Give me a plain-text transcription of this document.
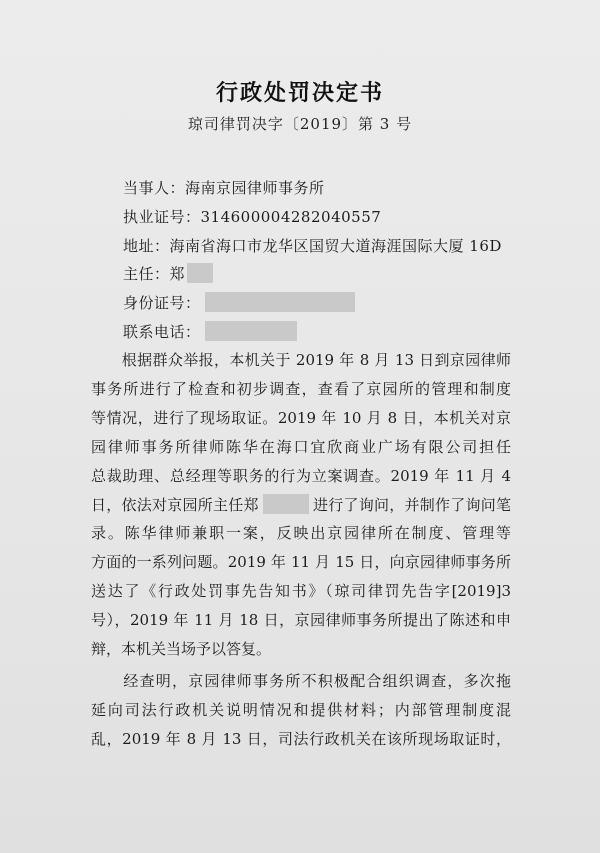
行政处罚决定书
琼司律罚决字〔2019〕第 3 号
当事人：海南京园律师事务所
执业证号：314600004282040557
地址：海南省海口市龙华区国贸大道海涯国际大厦 16D
主任：郑
身份证号：
联系电话：
　　根据群众举报，本机关于 2019 年 8 月 13 日到京园律师
事务所进行了检查和初步调查，查看了京园所的管理和制度
等情况，进行了现场取证。2019 年 10 月 8 日，本机关对京
园律师事务所律师陈华在海口宜欣商业广场有限公司担任
总裁助理、总经理等职务的行为立案调查。2019 年 11 月 4
日，依法对京园所主任郑	进行了询问，并制作了询问笔
录。陈华律师兼职一案，反映出京园律所在制度、管理等
方面的一系列问题。2019 年 11 月 15 日，向京园律师事务所
送达了《行政处罚事先告知书》（琼司律罚先告字[2019]3
号），2019 年 11 月 18 日，京园律师事务所提出了陈述和申
辩，本机关当场予以答复。
　　经查明，京园律师事务所不积极配合组织调查，多次拖
延向司法行政机关说明情况和提供材料；内部管理制度混
乱，2019 年 8 月 13 日，司法行政机关在该所现场取证时，
